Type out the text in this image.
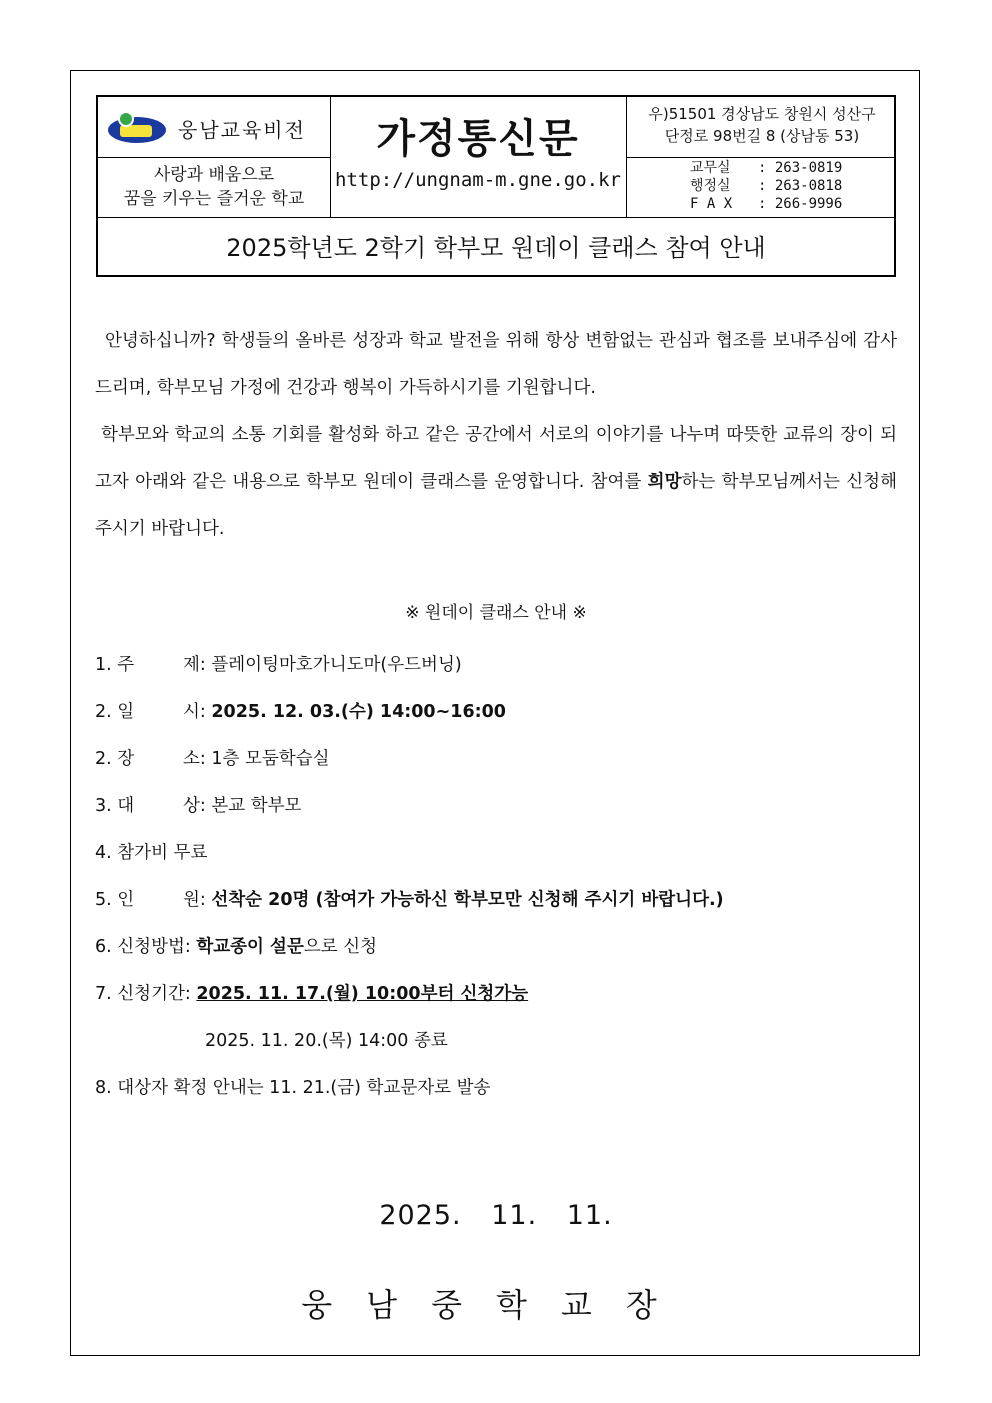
웅남교육비전
사랑과 배움으로
꿈을 키우는 즐거운 학교
가정통신문
http://ungnam-m.gne.go.kr
우)51501 경상남도 창원시 성산구
단정로 98번길 8 (상남동 53)
교무실 : 263-0819
행정실 : 263-0818
F A X : 266-9996
2025학년도 2학기 학부모 원데이 클래스 참여 안내

안녕하십니까? 학생들의 올바른 성장과 학교 발전을 위해 항상 변함없는 관심과 협조를 보내주심에 감사드리며, 학부모님 가정에 건강과 행복이 가득하시기를 기원합니다.

학부모와 학교의 소통 기회를 활성화 하고 같은 공간에서 서로의 이야기를 나누며 따뜻한 교류의 장이 되고자 아래와 같은 내용으로 학부모 원데이 클래스를 운영합니다. 참여를 희망하는 학부모님께서는 신청해 주시기 바랍니다.

※ 원데이 클래스 안내 ※
1. 주	제: 플레이팅마호가니도마(우드버닝)
2. 일	시: 2025. 12. 03.(수) 14:00~16:00
2. 장	소: 1층 모둠학습실
3. 대	상: 본교 학부모
4. 참가비 무료
5. 인	원: 선착순 20명 (참여가 가능하신 학부모만 신청해 주시기 바랍니다.)
6. 신청방법: 학교종이 설문으로 신청
7. 신청기간: 2025. 11. 17.(월) 10:00부터 신청가능
2025. 11. 20.(목) 14:00 종료
8. 대상자 확정 안내는 11. 21.(금) 학교문자로 발송
2025. 11. 11.
웅남중학교장
